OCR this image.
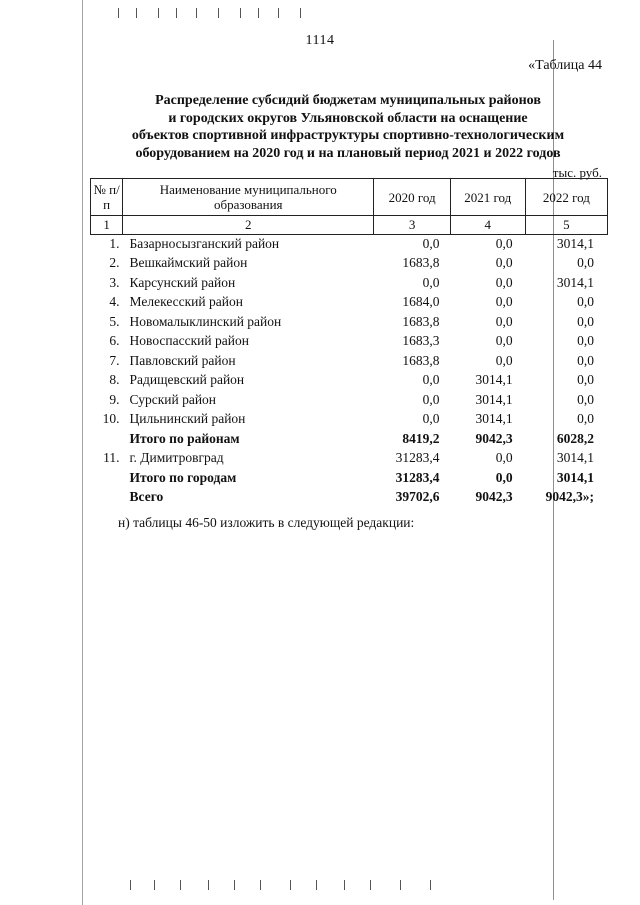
1114
«Таблица 44
Распределение субсидий бюджетам муниципальных районов
и городских округов Ульяновской области на оснащение
объектов спортивной инфраструктуры спортивно-технологическим
оборудованием на 2020 год и на плановый период 2021 и 2022 годов
тыс. руб.
№ п/п	Наименование муниципального образования	2020 год	2021 год	2022 год
1	2	3	4	5
1.	Базарносызганский район	0,0	0,0	3014,1
2.	Вешкаймский район	1683,8	0,0	0,0
3.	Карсунский район	0,0	0,0	3014,1
4.	Мелекесский район	1684,0	0,0	0,0
5.	Новомалыклинский район	1683,8	0,0	0,0
6.	Новоспасский район	1683,3	0,0	0,0
7.	Павловский район	1683,8	0,0	0,0
8.	Радищевский район	0,0	3014,1	0,0
9.	Сурский район	0,0	3014,1	0,0
10.	Цильнинский район	0,0	3014,1	0,0
	Итого по районам	8419,2	9042,3	6028,2
11.	г. Димитровград	31283,4	0,0	3014,1
	Итого по городам	31283,4	0,0	3014,1
	Всего	39702,6	9042,3	9042,3»;
н) таблицы 46-50 изложить в следующей редакции:
